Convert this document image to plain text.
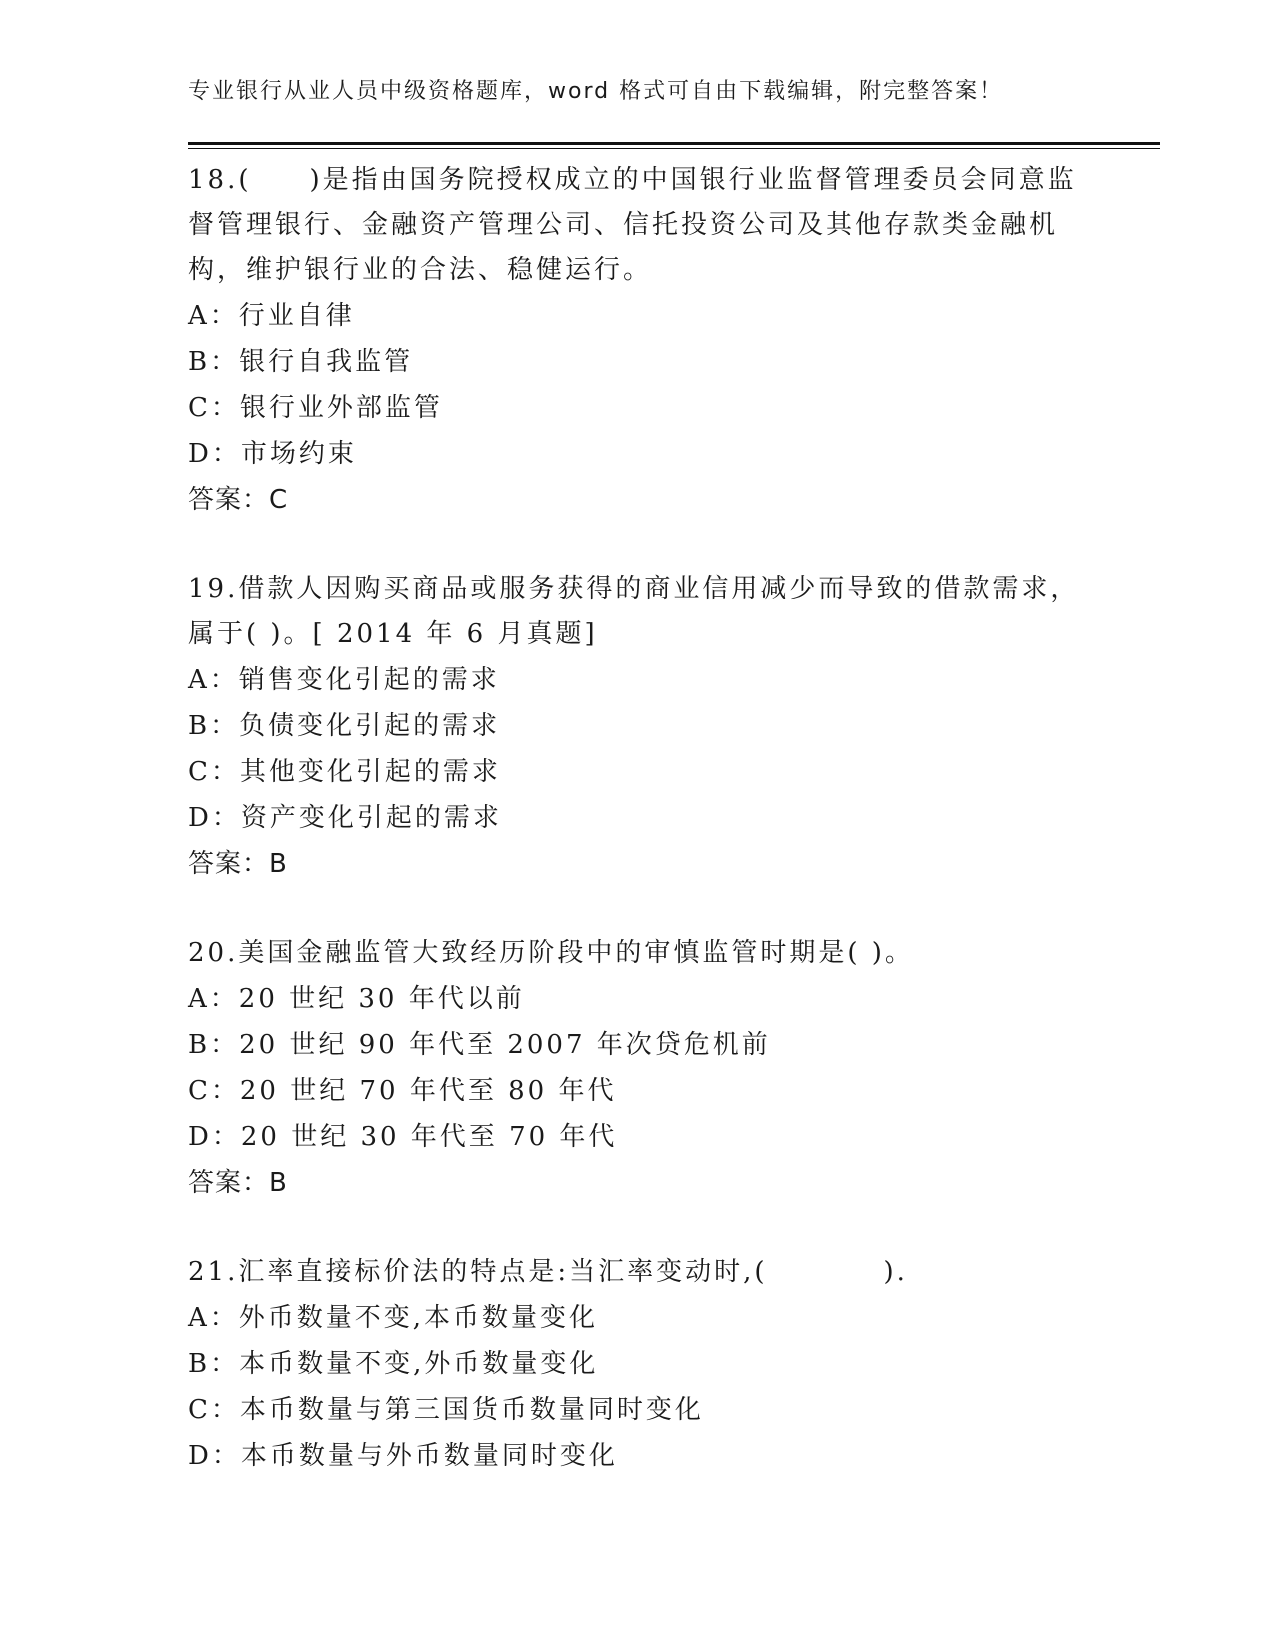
专业银行从业人员中级资格题库，word 格式可自由下载编辑，附完整答案！
18.(　　)是指由国务院授权成立的中国银行业监督管理委员会同意监
督管理银行、金融资产管理公司、信托投资公司及其他存款类金融机
构，维护银行业的合法、稳健运行。
A：行业自律
B：银行自我监管
C：银行业外部监管
D：市场约束
答案：C
19.借款人因购买商品或服务获得的商业信用减少而导致的借款需求，
属于( )。[ 2014 年 6 月真题]
A：销售变化引起的需求
B：负债变化引起的需求
C：其他变化引起的需求
D：资产变化引起的需求
答案：B
20.美国金融监管大致经历阶段中的审慎监管时期是( )。
A：20 世纪 30 年代以前
B：20 世纪 90 年代至 2007 年次贷危机前
C：20 世纪 70 年代至 80 年代
D：20 世纪 30 年代至 70 年代
答案：B
21.汇率直接标价法的特点是:当汇率变动时,(　　　　).
A：外币数量不变,本币数量变化
B：本币数量不变,外币数量变化
C：本币数量与第三国货币数量同时变化
D：本币数量与外币数量同时变化
